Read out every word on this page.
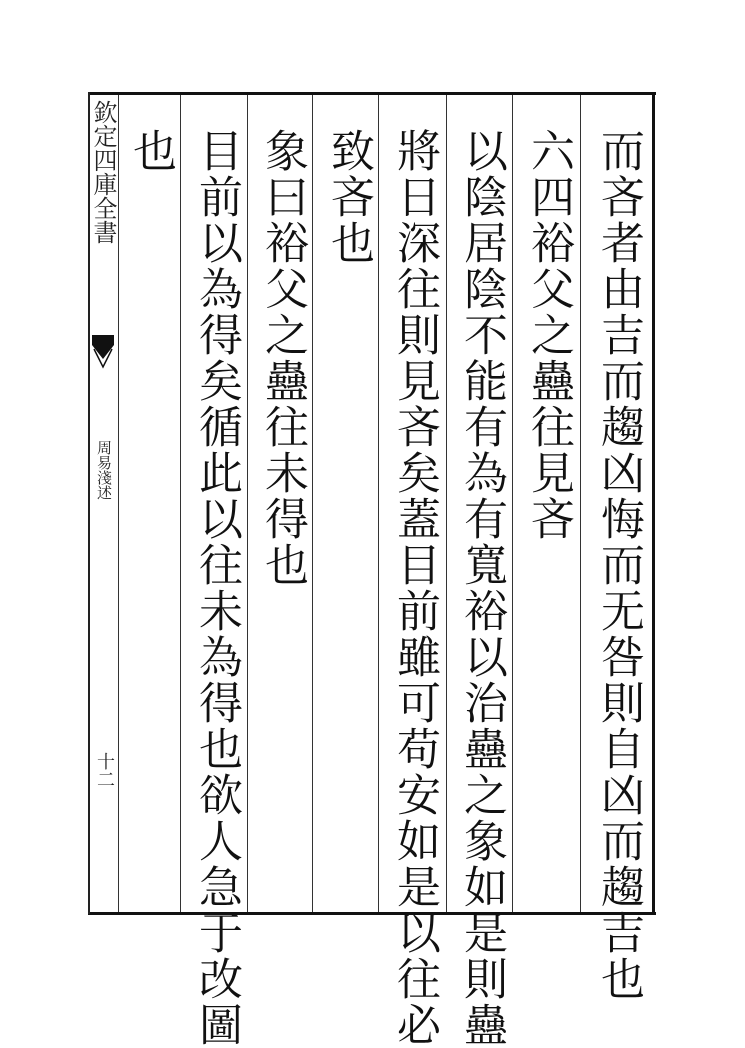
欽定四庫全書
周易淺述
十二	而吝者由吉而趨凶悔而无咎則自凶而趨吉也
六四裕父之蠱往見吝
以陰居陰不能有為有寬裕以治蠱之象如是則蠱
將日深往則見吝矣蓋目前雖可苟安如是以往必
致吝也
象曰裕父之蠱往未得也
目前以為得矣循此以往未為得也欲人急于改圖
也
